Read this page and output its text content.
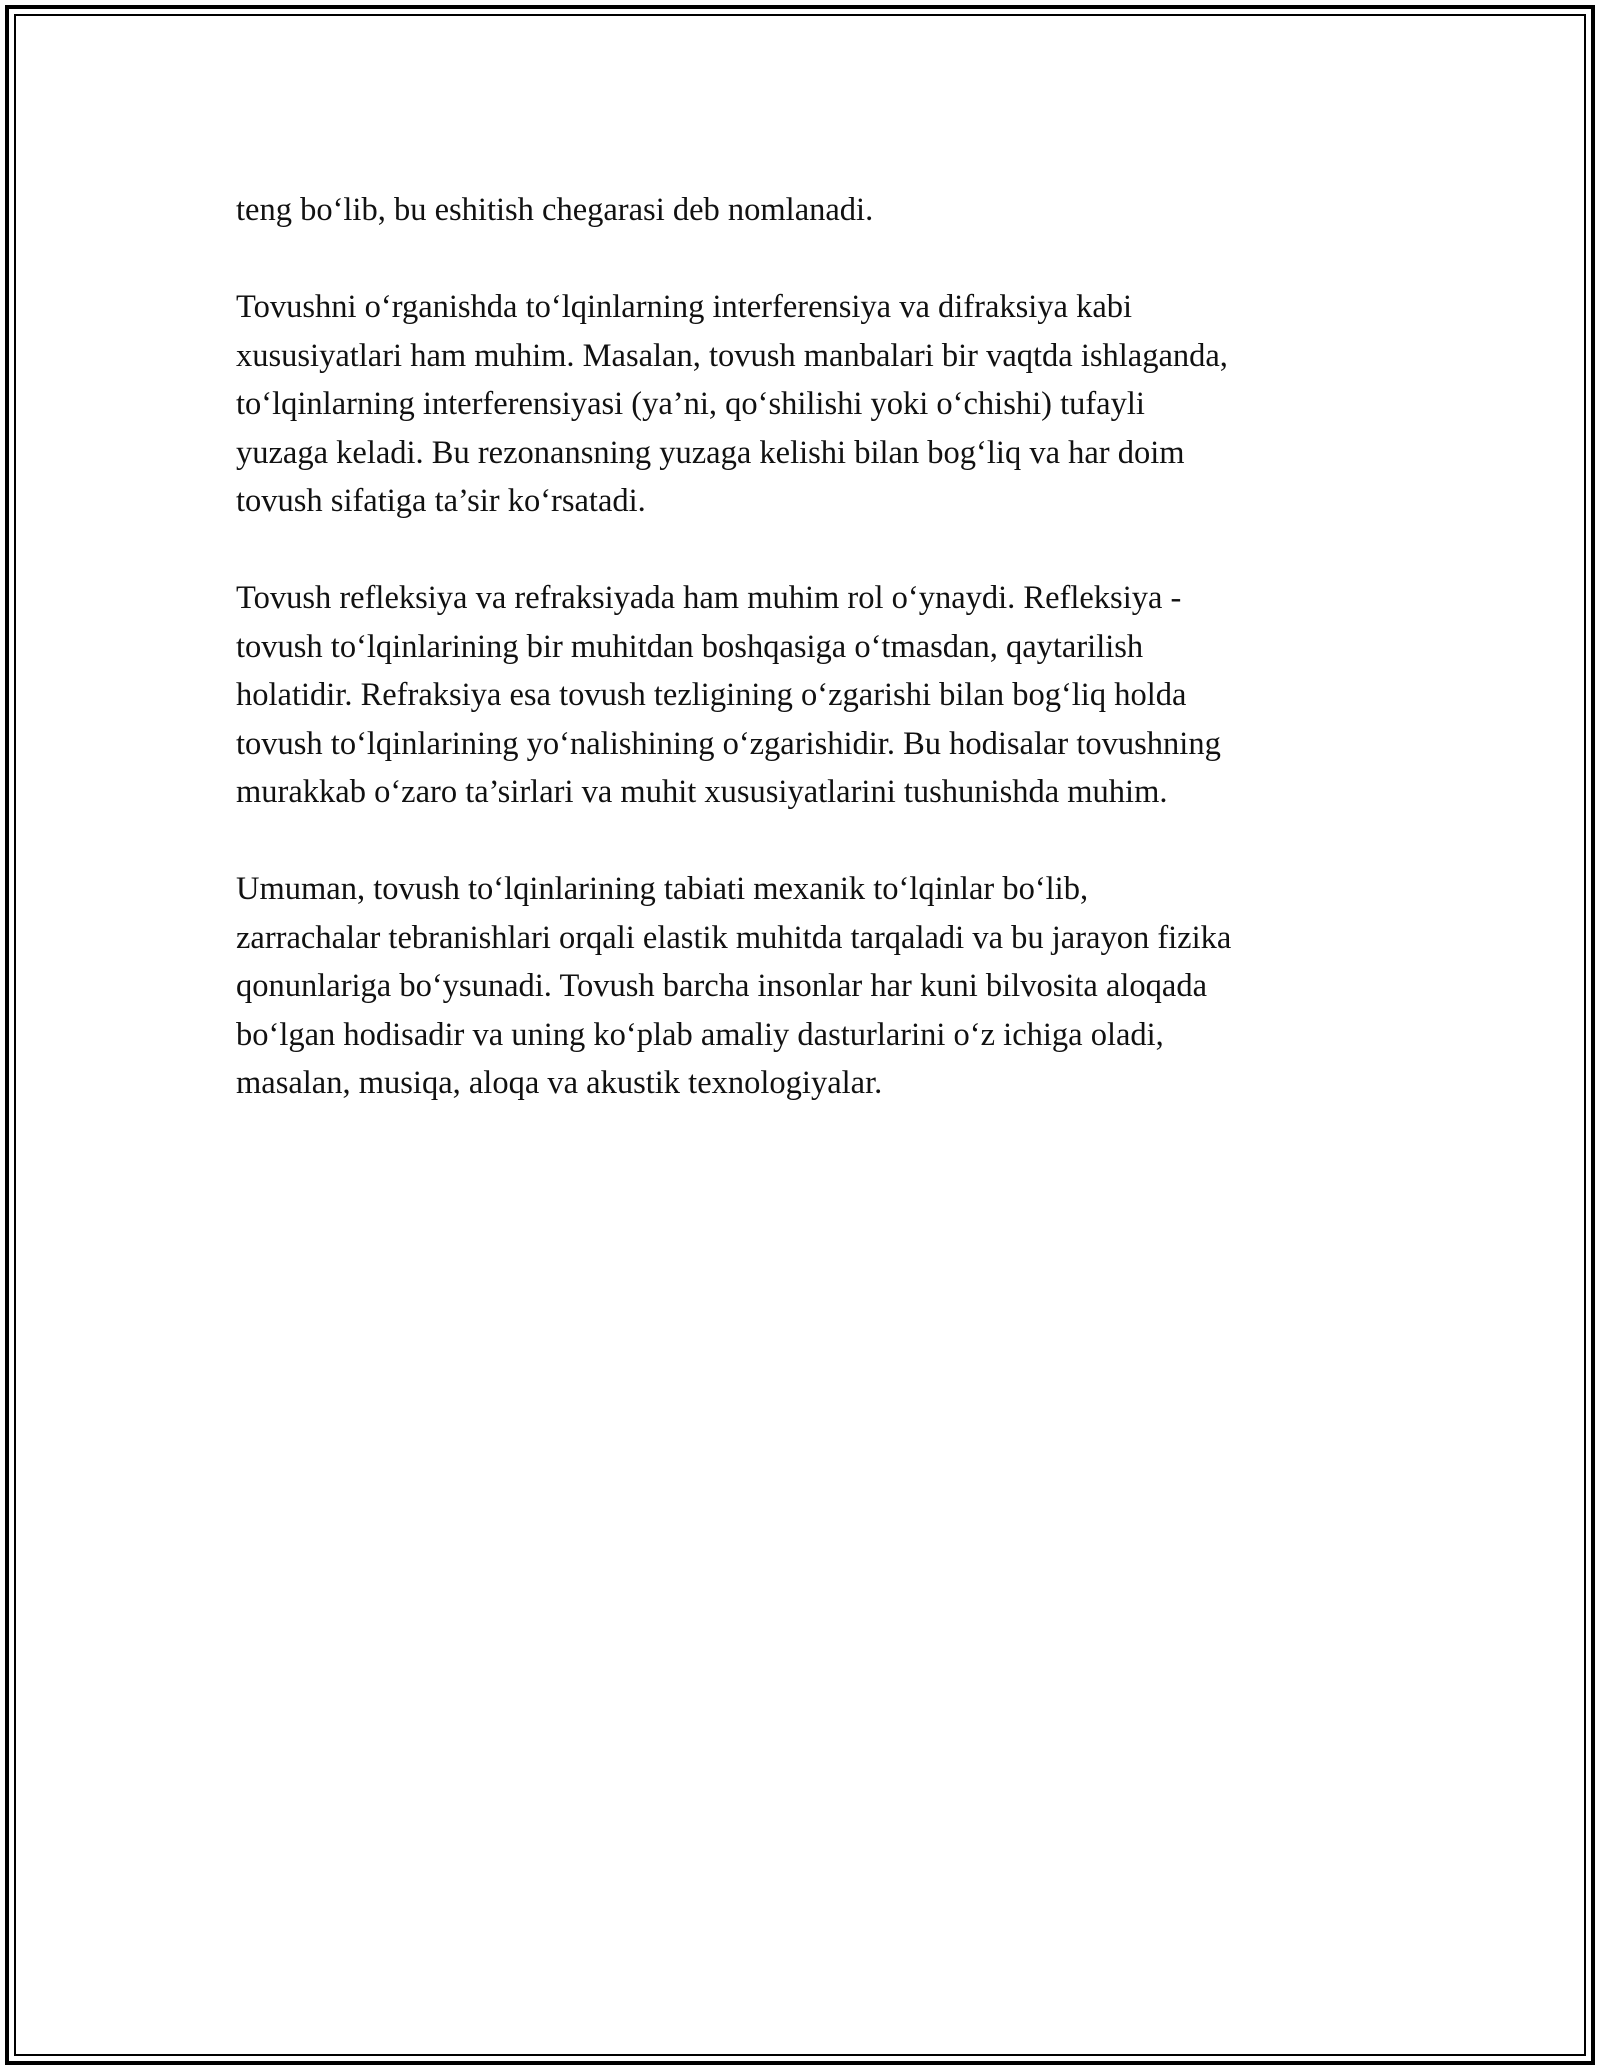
teng bo‘lib, bu eshitish chegarasi deb nomlanadi.
Tovushni o‘rganishda to‘lqinlarning interferensiya va difraksiya kabi
xususiyatlari ham muhim. Masalan, tovush manbalari bir vaqtda ishlaganda,
to‘lqinlarning interferensiyasi (ya’ni, qo‘shilishi yoki o‘chishi) tufayli
yuzaga keladi. Bu rezonansning yuzaga kelishi bilan bog‘liq va har doim
tovush sifatiga ta’sir ko‘rsatadi.
Tovush refleksiya va refraksiyada ham muhim rol o‘ynaydi. Refleksiya -
tovush to‘lqinlarining bir muhitdan boshqasiga o‘tmasdan, qaytarilish
holatidir. Refraksiya esa tovush tezligining o‘zgarishi bilan bog‘liq holda
tovush to‘lqinlarining yo‘nalishining o‘zgarishidir. Bu hodisalar tovushning
murakkab o‘zaro ta’sirlari va muhit xususiyatlarini tushunishda muhim.
Umuman, tovush to‘lqinlarining tabiati mexanik to‘lqinlar bo‘lib,
zarrachalar tebranishlari orqali elastik muhitda tarqaladi va bu jarayon fizika
qonunlariga bo‘ysunadi. Tovush barcha insonlar har kuni bilvosita aloqada
bo‘lgan hodisadir va uning ko‘plab amaliy dasturlarini o‘z ichiga oladi,
masalan, musiqa, aloqa va akustik texnologiyalar.
